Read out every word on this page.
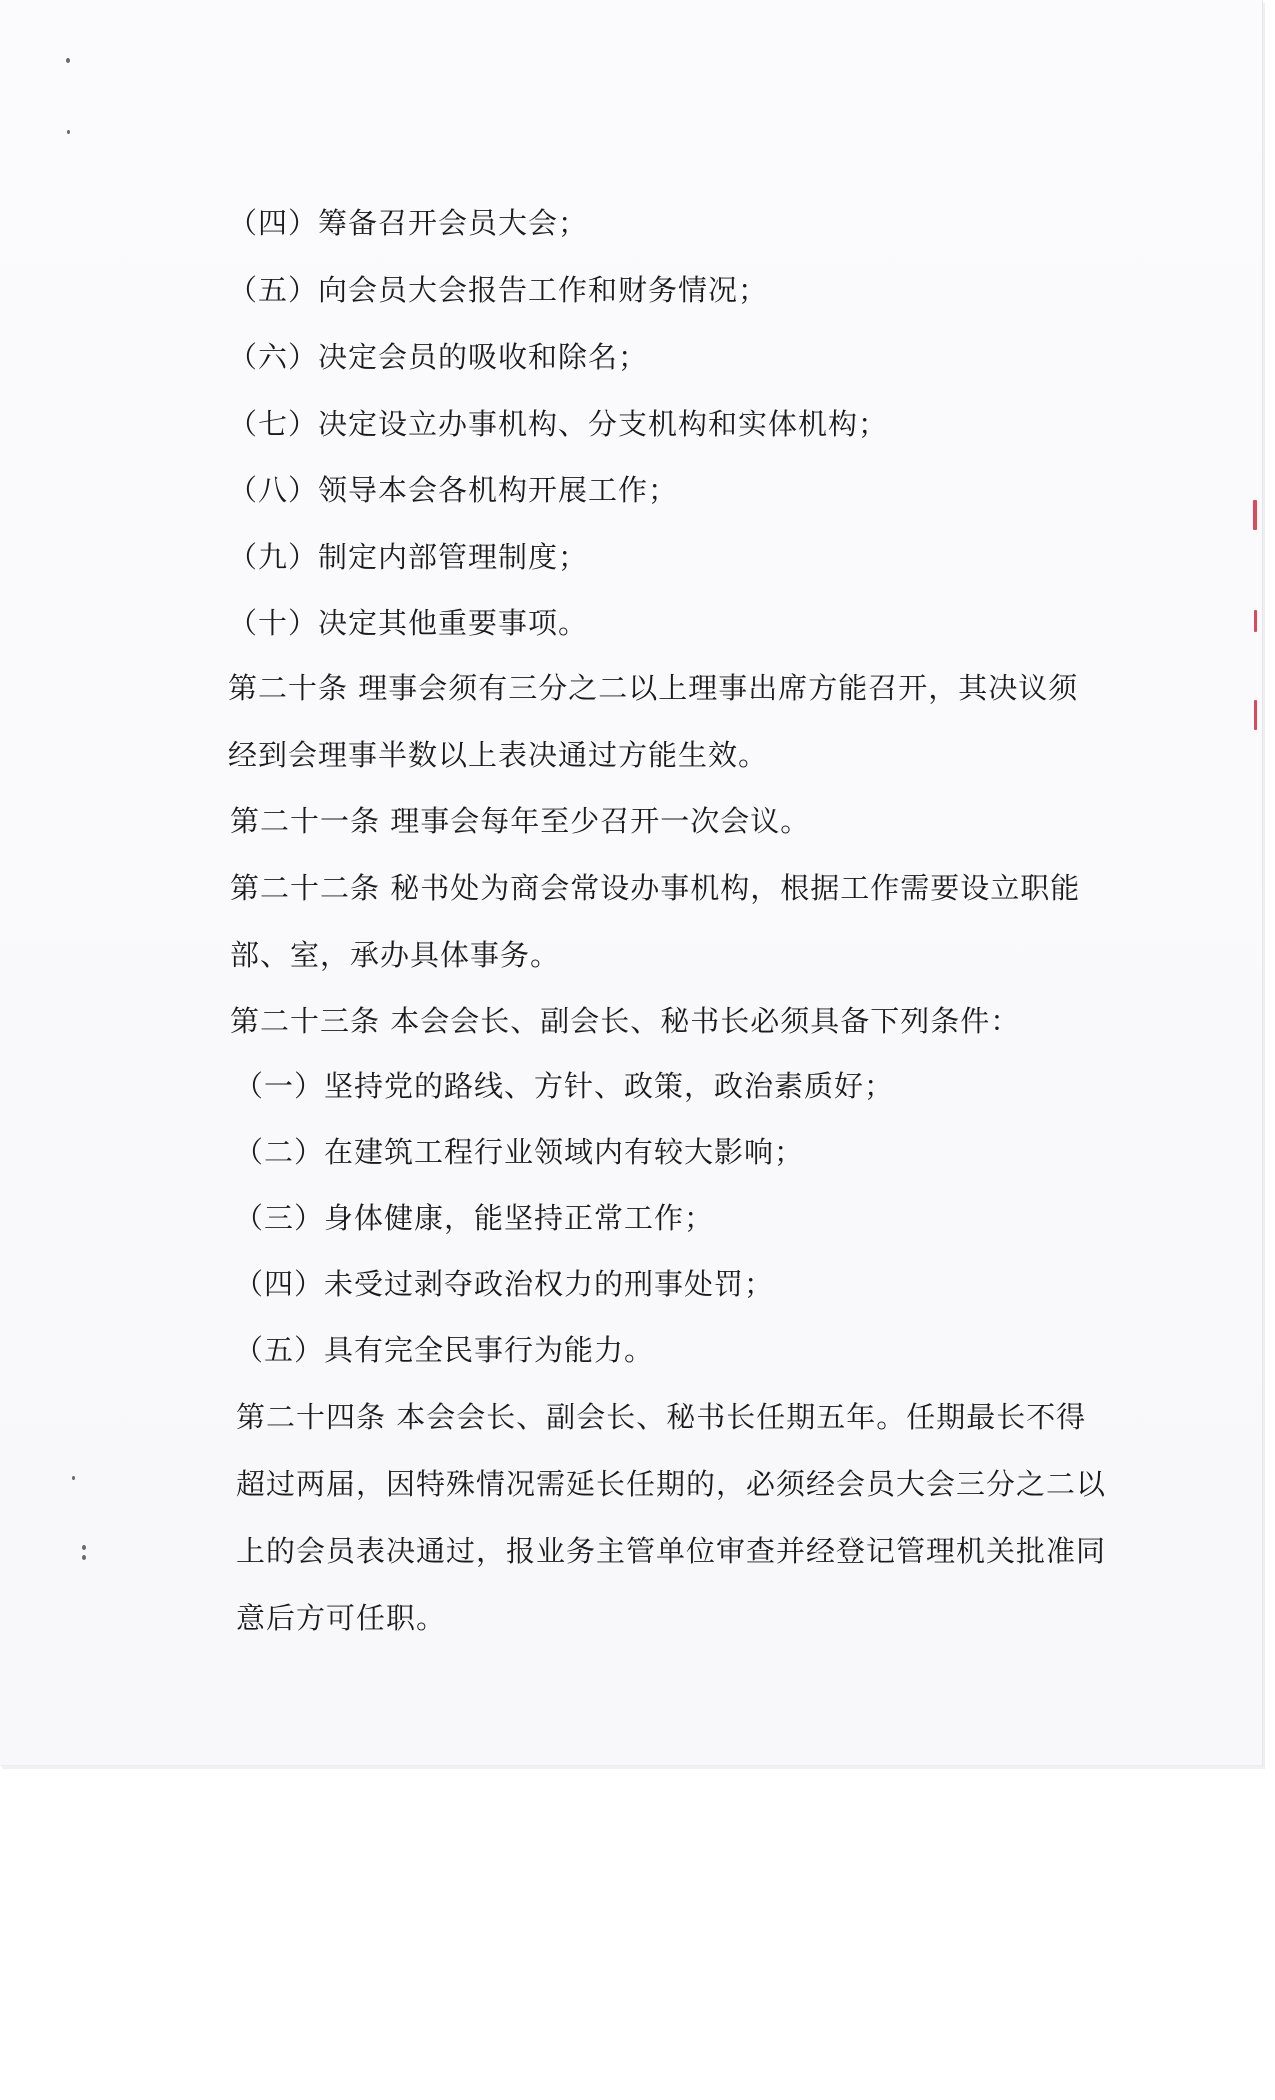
（四）筹备召开会员大会；
（五）向会员大会报告工作和财务情况；
（六）决定会员的吸收和除名；
（七）决定设立办事机构、分支机构和实体机构；
（八）领导本会各机构开展工作；
（九）制定内部管理制度；
（十）决定其他重要事项。
第二十条 理事会须有三分之二以上理事出席方能召开，其决议须
经到会理事半数以上表决通过方能生效。
第二十一条 理事会每年至少召开一次会议。
第二十二条 秘书处为商会常设办事机构，根据工作需要设立职能
部、室，承办具体事务。
第二十三条 本会会长、副会长、秘书长必须具备下列条件：
（一）坚持党的路线、方针、政策，政治素质好；
（二）在建筑工程行业领域内有较大影响；
（三）身体健康，能坚持正常工作；
（四）未受过剥夺政治权力的刑事处罚；
（五）具有完全民事行为能力。
第二十四条 本会会长、副会长、秘书长任期五年。任期最长不得
超过两届，因特殊情况需延长任期的，必须经会员大会三分之二以
上的会员表决通过，报业务主管单位审查并经登记管理机关批准同
意后方可任职。
